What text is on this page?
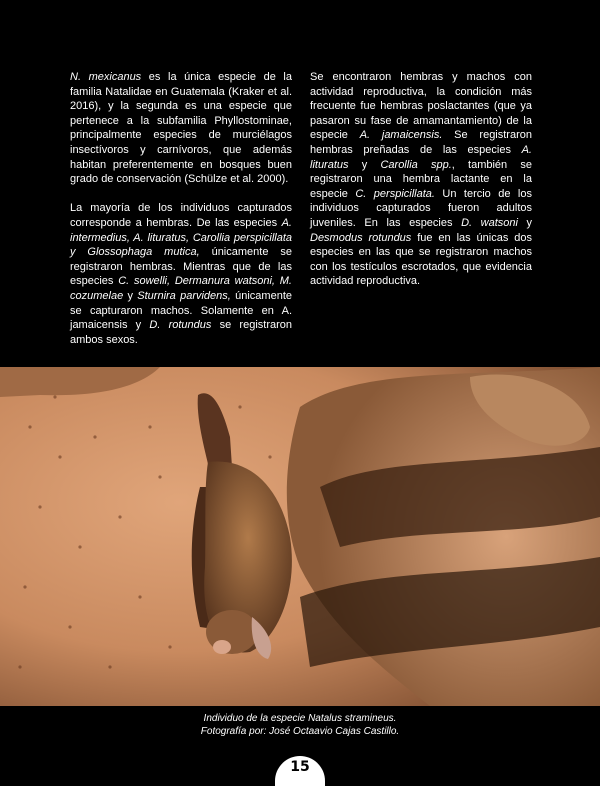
N. mexicanus es la única especie de la familia Natalidae en Guatemala (Kraker et al. 2016), y la segunda es una especie que pertenece a la subfamilia Phyllostominae, principalmente especies de murciélagos insectívoros y carnívoros, que además habitan preferentemente en bosques buen grado de conservación (Schülze et al. 2000).

La mayoría de los individuos capturados corresponde a hembras. De las especies A. intermedius, A. lituratus, Carollia perspicillata y Glossophaga mutica, únicamente se registraron hembras. Mientras que de las especies C. sowelli, Dermanura watsoni, M. cozumelae y Sturnira parvidens, únicamente se capturaron machos. Solamente en A. jamaicensis y D. rotundus se registraron ambos sexos.

Se encontraron hembras y machos con actividad reproductiva, la condición más frecuente fue hembras poslactantes (que ya pasaron su fase de amamantamiento) de la especie A. jamaicensis. Se registraron hembras preñadas de las especies A. lituratus y Carollia spp., también se registraron una hembra lactante en la especie C. perspicillata. Un tercio de los individuos capturados fueron adultos juveniles. En las especies D. watsoni y Desmodus rotundus fue en las únicas dos especies en las que se registraron machos con los testículos escrotados, que evidencia actividad reproductiva.

Individuo de la especie Natalus stramineus.
Fotografía por: José Octaavio Cajas Castillo.
15
